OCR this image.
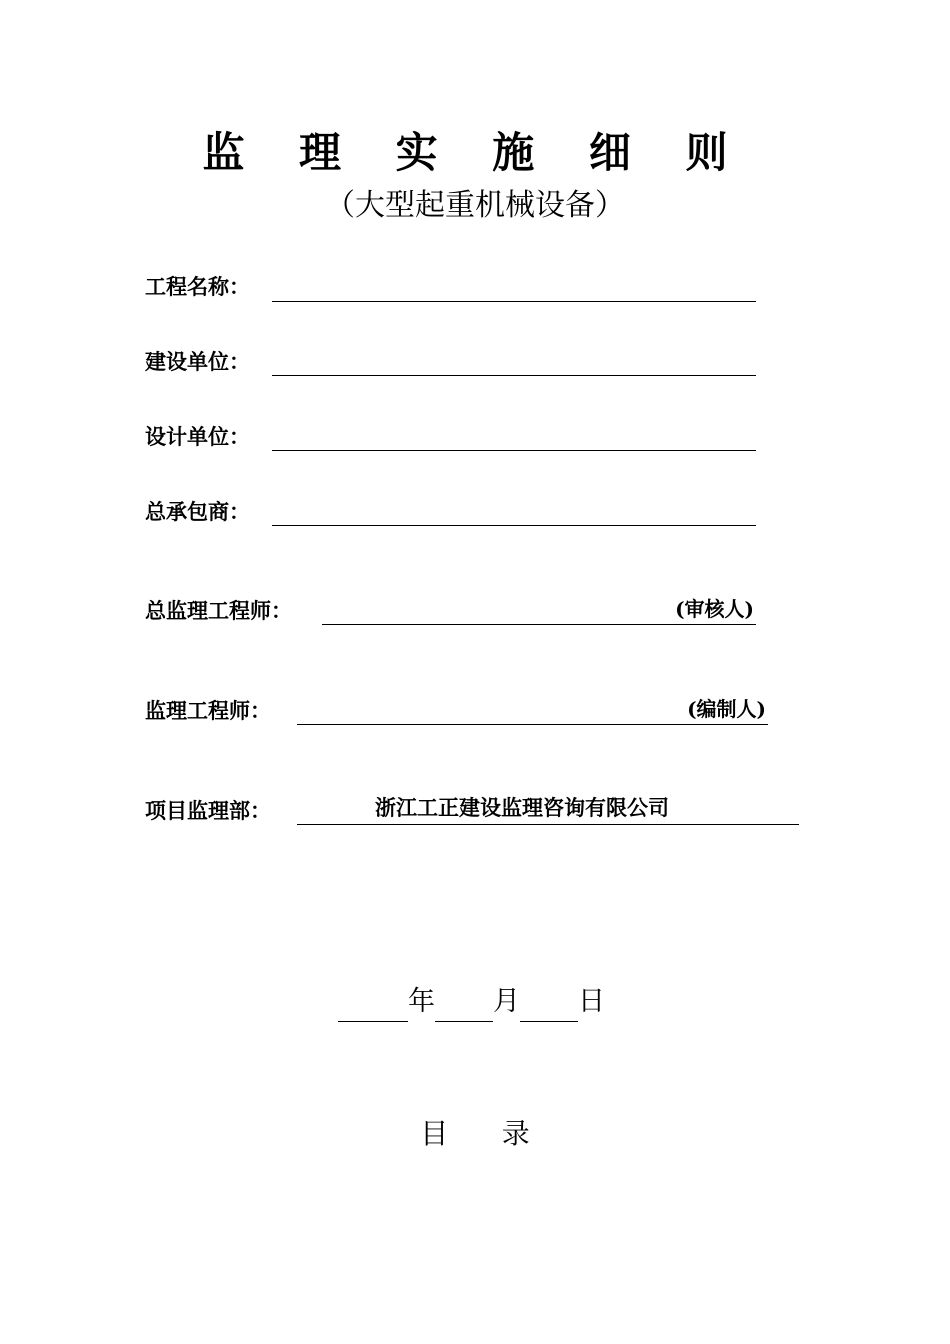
监 理 实 施 细 则
（大型起重机械设备）
工程名称：
建设单位：
设计单位：
总承包商：
总监理工程师：	(审核人)
监理工程师：	(编制人)
项目监理部：	浙江工正建设监理咨询有限公司
年 月 日
目      录
